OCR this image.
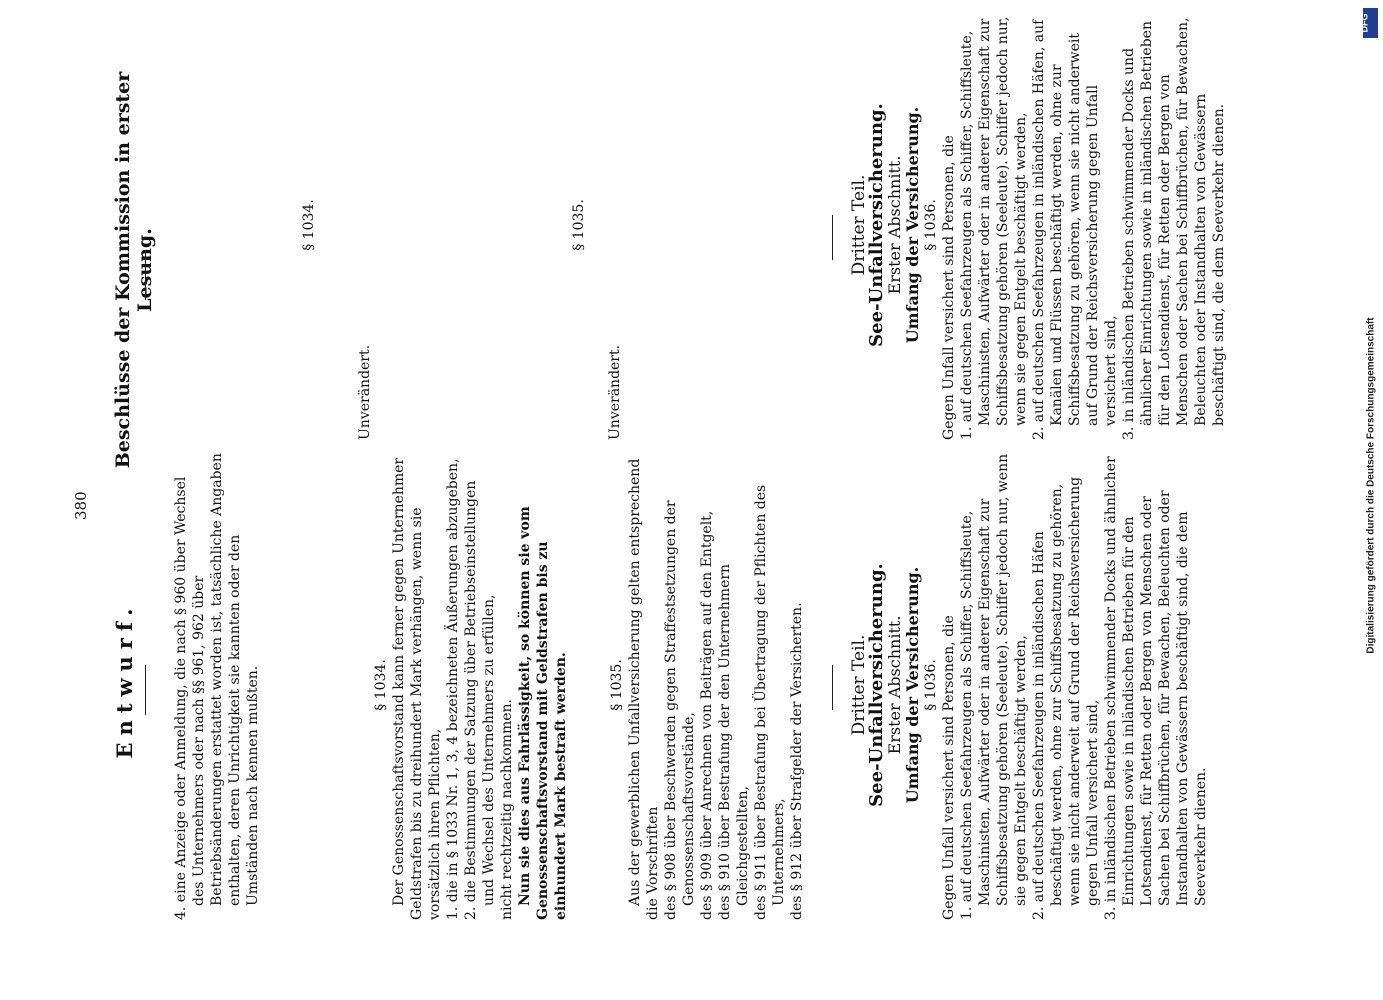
380
Entwurf.
Beschlüsse der Kommission in erster Lesung.

4. eine Anzeige oder Anmeldung, die nach § 960 über Wechsel des Unternehmers oder nach §§ 961, 962 über Betriebsänderungen erstattet worden ist, tatsächliche Angaben enthalten, deren Unrichtigkeit sie kannten oder den Umständen nach kennen mußten.	§ 1034. Der Genossenschaftsvorstand kann ferner gegen Unternehmer Geldstrafen bis zu dreihundert Mark verhängen, wenn sie vorsätzlich ihren Pflichten, 1. die in § 1033 Nr. 1, 3, 4 bezeichneten Äußerungen abzugeben, 2. die Bestimmungen der Satzung über Betriebseinstellungen und Wechsel des Unternehmers zu erfüllen, nicht rechtzeitig nachkommen. Nun sie dies aus Fahrlässigkeit, so können sie vom Genossenschaftsvorstand mit Geldstrafen bis zu einhundert Mark bestraft werden.	§ 1035. Aus der gewerblichen Unfallversicherung gelten entsprechend die Vorschriften des § 908 über Beschwerden gegen Straffestsetzungen der Genossenschaftsvorstände, des § 909 über Anrechnen von Beiträgen auf den Entgelt, des § 910 über Bestrafung der den Unternehmern Gleichgestellten, des § 911 über Bestrafung bei Übertragung der Pflichten des Unternehmers, des § 912 über Strafgelder der Versicherten.	Dritter Teil.
See-Unfallversicherung.
Erster Abschnitt. Umfang der Versicherung. § 1036. Gegen Unfall versichert sind Personen, die 1. auf deutschen Seefahrzeugen als Schiffer, Schiffsleute, Maschinisten, Aufwärter oder in anderer Eigenschaft zur Schiffsbesatzung gehören (Seeleute). Schiffer jedoch nur, wenn sie gegen Entgelt beschäftigt werden, 2. auf deutschen Seefahrzeugen in inländischen Häfen beschäftigt werden, ohne zur Schiffsbesatzung zu gehören, wenn sie nicht anderweit auf Grund der Reichsversicherung gegen Unfall versichert sind, 3. in inländischen Betrieben schwimmender Docks und ähnlicher Einrichtungen sowie in inländischen Betrieben für den Lotsendienst, für Retten oder Bergen von Menschen oder Sachen bei Schiffbrüchen, für Bewachen, Beleuchten oder Instandhalten von Gewässern beschäftigt sind, die dem Seeverkehr dienen.

§ 1034.

Unverändert.

§ 1035.

Unverändert.

Dritter Teil.
See-Unfallversicherung.
Erster Abschnitt. Umfang der Versicherung. § 1036. Gegen Unfall versichert sind Personen, die 1. auf deutschen Seefahrzeugen als Schiffer, Schiffsleute, Maschinisten, Aufwärter oder in anderer Eigenschaft zur Schiffsbesatzung gehören (Seeleute). Schiffer jedoch nur, wenn sie gegen Entgelt beschäftigt werden, 2. auf deutschen Seefahrzeugen in inländischen Häfen, auf Kanälen und Flüssen beschäftigt werden, ohne zur Schiffsbesatzung zu gehören, wenn sie nicht anderweit auf Grund der Reichsversicherung gegen Unfall versichert sind, 3. in inländischen Betrieben schwimmender Docks und ähnlicher Einrichtungen sowie in inländischen Betrieben für den Lotsendienst, für Retten oder Bergen von Menschen oder Sachen bei Schiffbrüchen, für Bewachen, Beleuchten oder Instandhalten von Gewässern beschäftigt sind, die dem Seeverkehr dienen.

Digitalisierung gefördert durch die Deutsche Forschungsgemeinschaft
DFG
